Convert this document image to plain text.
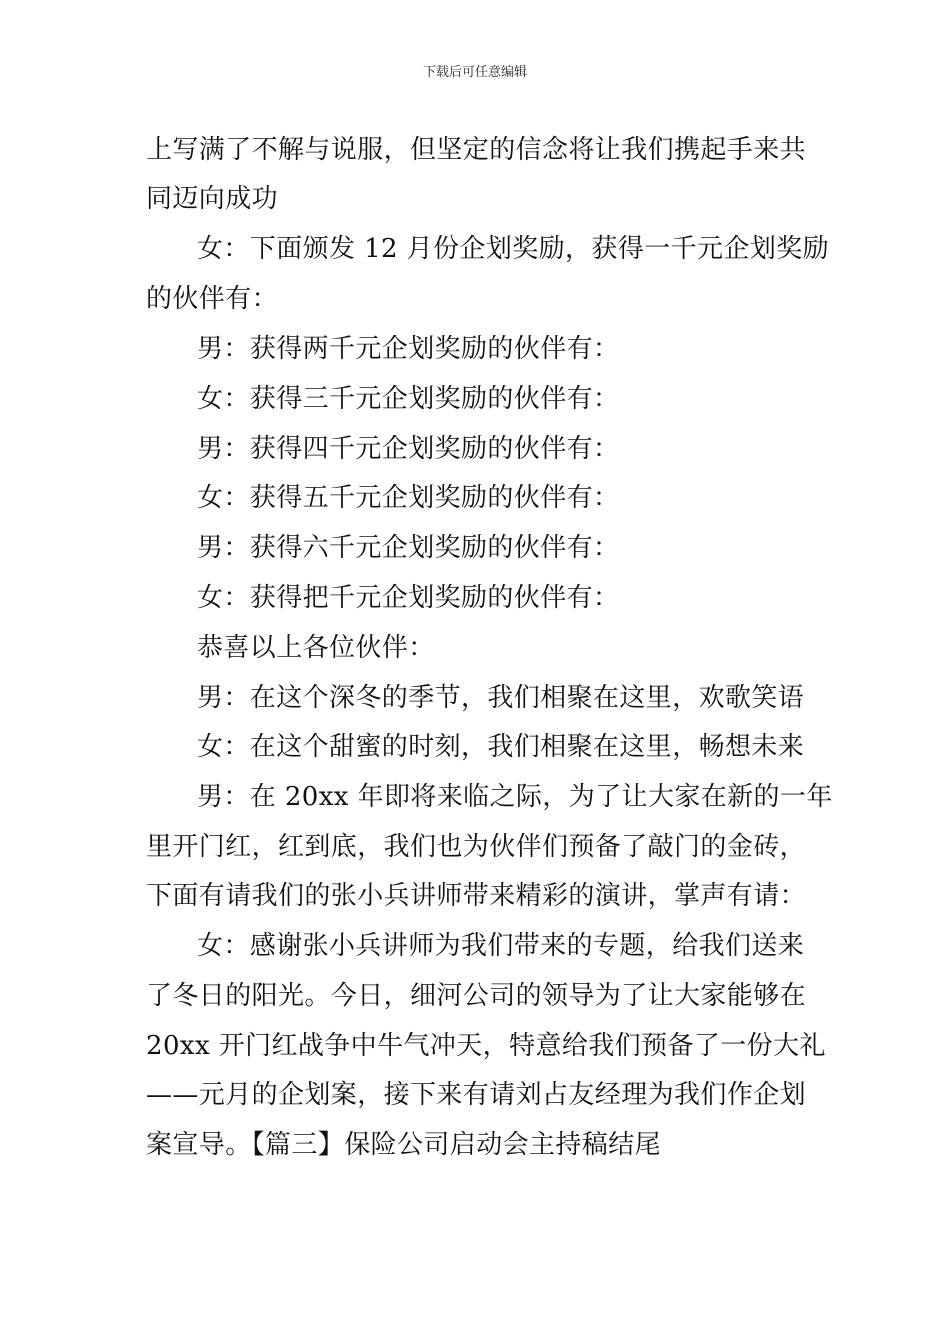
下载后可任意编辑
上写满了不解与说服，但坚定的信念将让我们携起手来共
同迈向成功
女：下面颁发 12 月份企划奖励，获得一千元企划奖励
的伙伴有：
男：获得两千元企划奖励的伙伴有：
女：获得三千元企划奖励的伙伴有：
男：获得四千元企划奖励的伙伴有：
女：获得五千元企划奖励的伙伴有：
男：获得六千元企划奖励的伙伴有：
女：获得把千元企划奖励的伙伴有：
恭喜以上各位伙伴：
男：在这个深冬的季节，我们相聚在这里，欢歌笑语
女：在这个甜蜜的时刻，我们相聚在这里，畅想未来
男：在 20xx 年即将来临之际，为了让大家在新的一年
里开门红，红到底，我们也为伙伴们预备了敲门的金砖，
下面有请我们的张小兵讲师带来精彩的演讲，掌声有请：
女：感谢张小兵讲师为我们带来的专题，给我们送来
了冬日的阳光。今日，细河公司的领导为了让大家能够在
20xx 开门红战争中牛气冲天，特意给我们预备了一份大礼
——元月的企划案，接下来有请刘占友经理为我们作企划
案宣导。【篇三】保险公司启动会主持稿结尾
